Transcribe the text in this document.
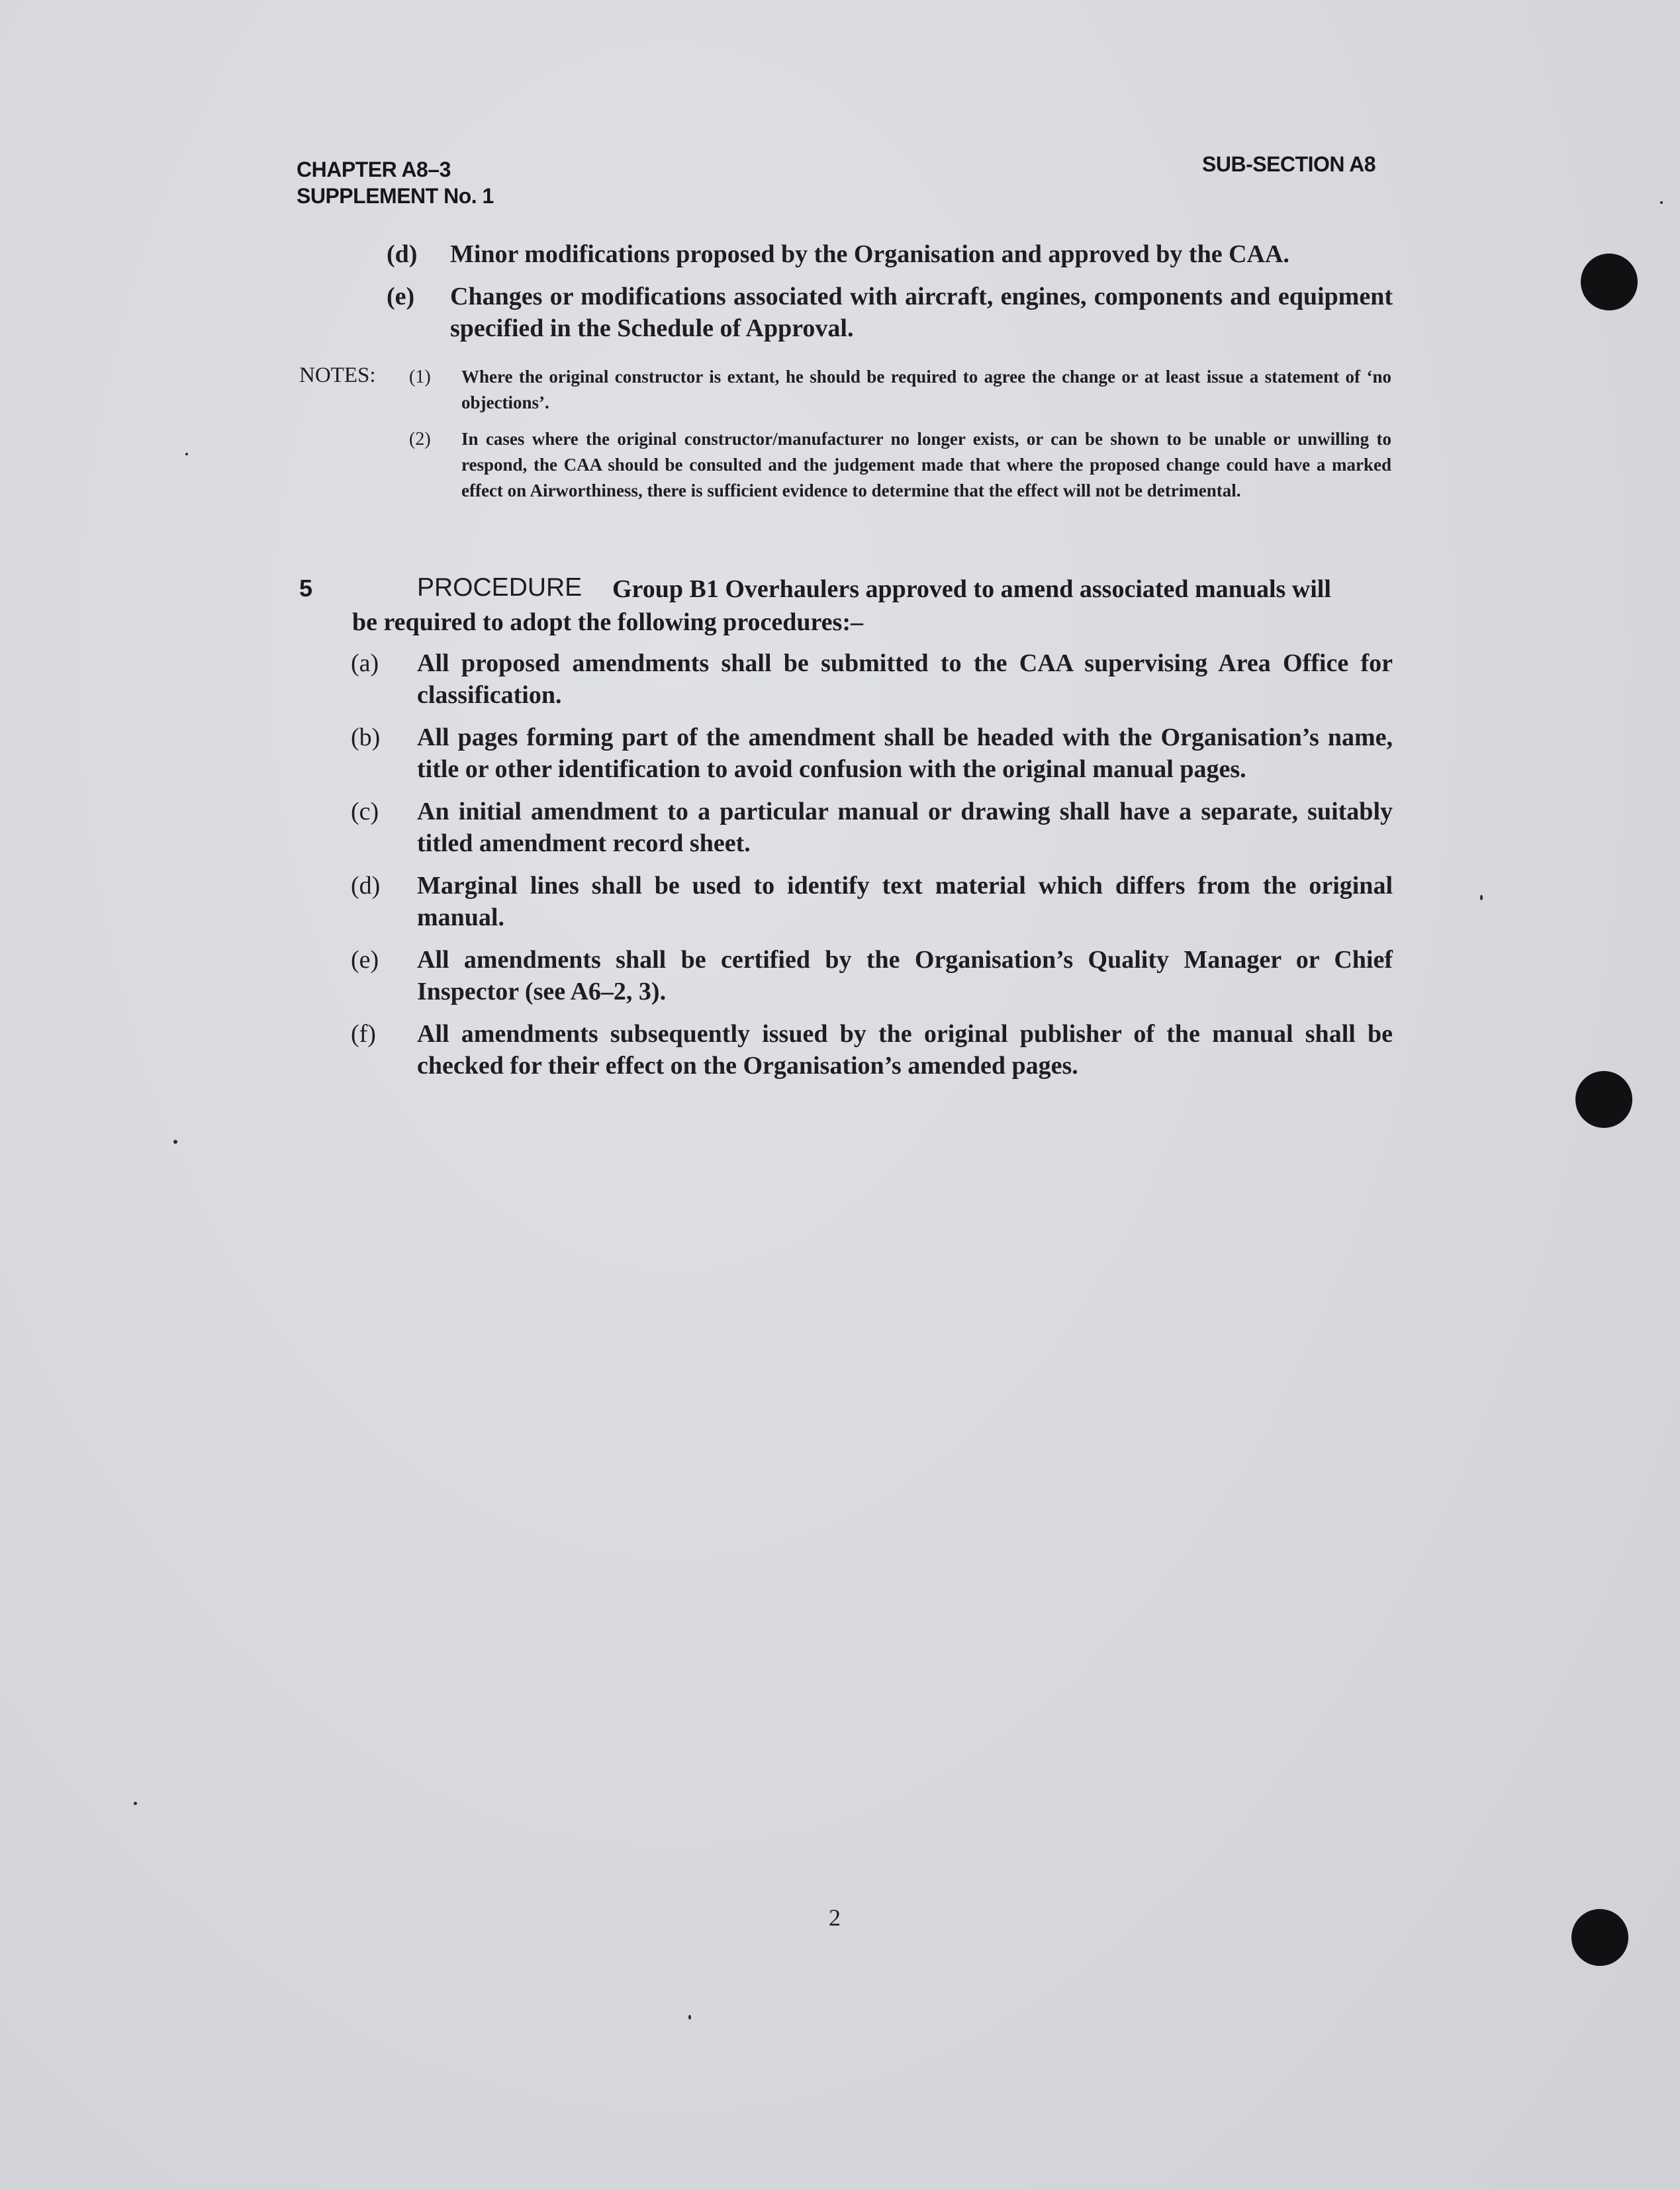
CHAPTER A8–3
SUPPLEMENT No. 1
SUB-SECTION A8
(d) Minor modifications proposed by the Organisation and approved by the CAA.
(e) Changes or modifications associated with aircraft, engines, components and equipment specified in the Schedule of Approval.
NOTES: (1) Where the original constructor is extant, he should be required to agree the change or at least issue a statement of ‘no objections’.
(2) In cases where the original constructor/manufacturer no longer exists, or can be shown to be unable or unwilling to respond, the CAA should be consulted and the judgement made that where the proposed change could have a marked effect on Airworthiness, there is sufficient evidence to determine that the effect will not be detrimental.
5	PROCEDURE Group B1 Overhaulers approved to amend associated manuals will
be required to adopt the following procedures:–
(a) All proposed amendments shall be submitted to the CAA supervising Area Office for classification.
(b) All pages forming part of the amendment shall be headed with the Organisation’s name, title or other identification to avoid confusion with the original manual pages.
(c) An initial amendment to a particular manual or drawing shall have a separate, suitably titled amendment record sheet.
(d) Marginal lines shall be used to identify text material which differs from the original manual.
(e) All amendments shall be certified by the Organisation’s Quality Manager or Chief Inspector (see A6–2, 3).
(f) All amendments subsequently issued by the original publisher of the manual shall be checked for their effect on the Organisation’s amended pages.
2
